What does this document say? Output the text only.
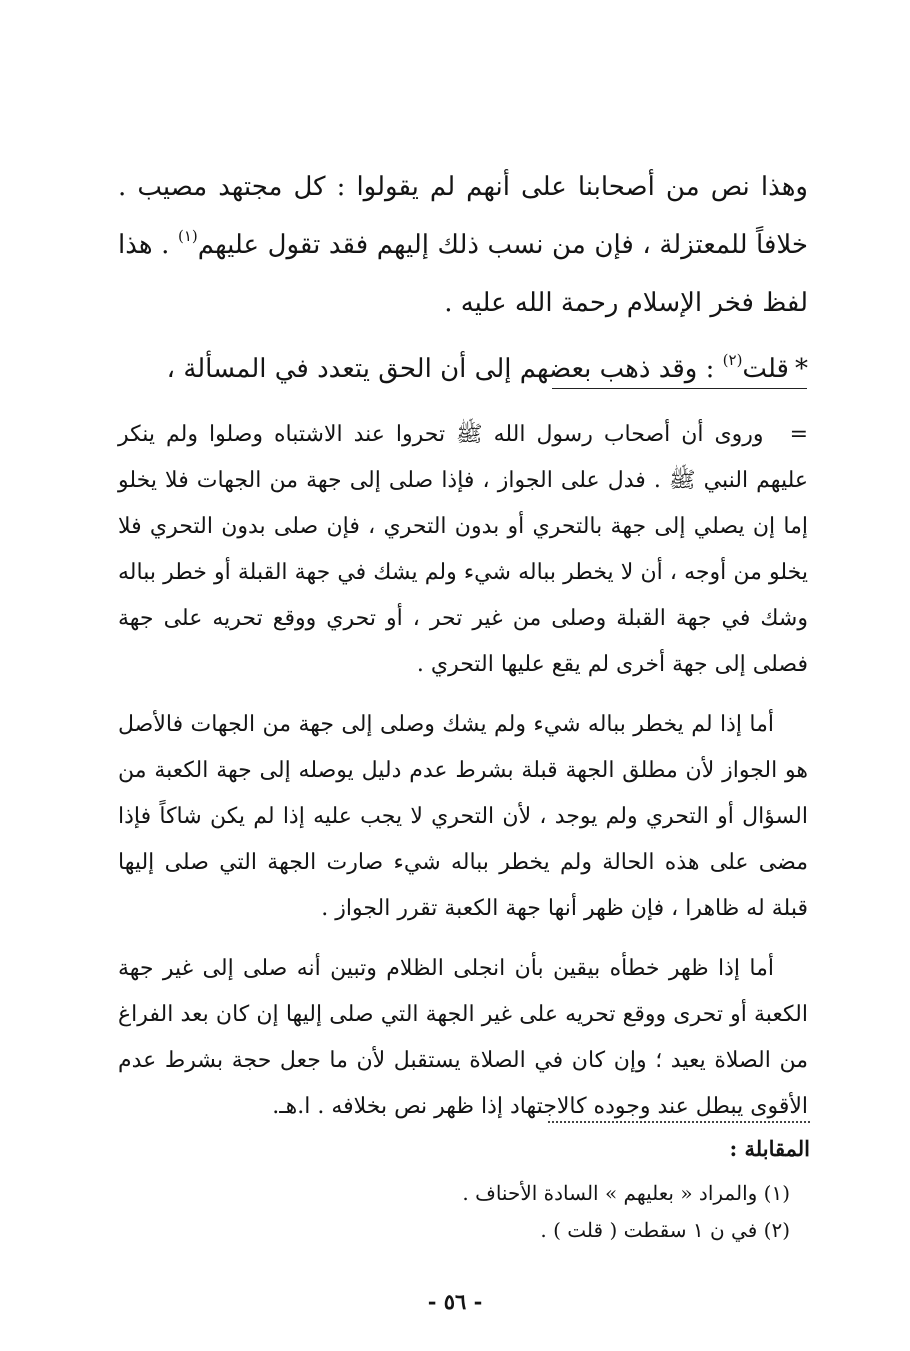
وهذا نص من أصحابنا على أنهم لم يقولوا : كل مجتهد مصيب . خلافاً للمعتزلة ، فإن من نسب ذلك إليهم فقد تقول عليهم$^{(١)}$ . هذا لفظ فخر الإسلام رحمة الله عليه .

*قلت$^{(٢)}$ : وقد ذهب بعضهم إلى أن الحق يتعدد في المسألة ،

=وروى أن أصحاب رسول الله ﷺ تحروا عند الاشتباه وصلوا ولم ينكر عليهم النبي ﷺ . فدل على الجواز ، فإذا صلى إلى جهة من الجهات فلا يخلو إما إن يصلي إلى جهة بالتحري أو بدون التحري ، فإن صلى بدون التحري فلا يخلو من أوجه ، أن لا يخطر بباله شيء ولم يشك في جهة القبلة أو خطر بباله وشك في جهة القبلة وصلى من غير تحر ، أو تحري ووقع تحريه على جهة فصلى إلى جهة أخرى لم يقع عليها التحري .

أما إذا لم يخطر بباله شيء ولم يشك وصلى إلى جهة من الجهات فالأصل هو الجواز لأن مطلق الجهة قبلة بشرط عدم دليل يوصله إلى جهة الكعبة من السؤال أو التحري ولم يوجد ، لأن التحري لا يجب عليه إذا لم يكن شاكاً فإذا مضى على هذه الحالة ولم يخطر بباله شيء صارت الجهة التي صلى إليها قبلة له ظاهرا ، فإن ظهر أنها جهة الكعبة تقرر الجواز .

أما إذا ظهر خطأه بيقين بأن انجلى الظلام وتبين أنه صلى إلى غير جهة الكعبة أو تحرى ووقع تحريه على غير الجهة التي صلى إليها إن كان بعد الفراغ من الصلاة يعيد ؛ وإن كان في الصلاة يستقبل لأن ما جعل حجة بشرط عدم الأقوى يبطل عند وجوده كالاجتهاد إذا ظهر نص بخلافه . ا.هـ.

المقابلة :
(١) والمراد « بعليهم » السادة الأحناف .
(٢) في ن ١ سقطت ( قلت ) .
- ٥٦ -
